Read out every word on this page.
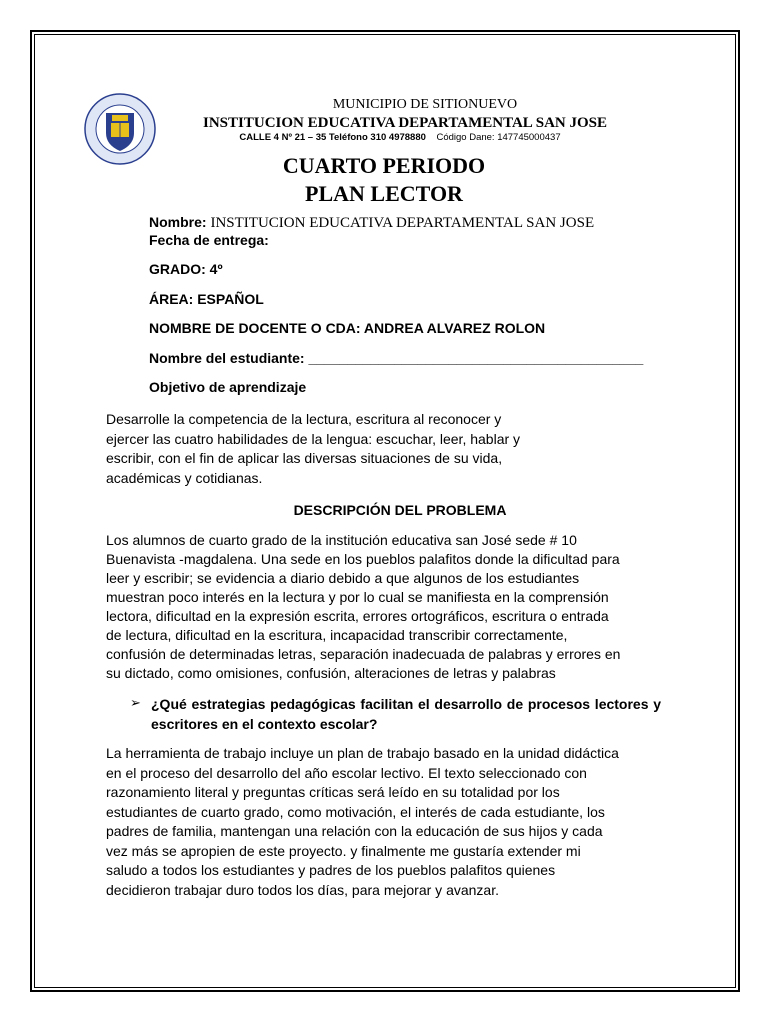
MUNICIPIO DE SITIONUEVO
INSTITUCION EDUCATIVA DEPARTAMENTAL SAN JOSE
CALLE 4 Nº 21 – 35 Teléfono 310 4978880 Código Dane: 147745000437
CUARTO PERIODO
PLAN LECTOR
Nombre: INSTITUCION EDUCATIVA DEPARTAMENTAL SAN JOSE
Fecha de entrega:
GRADO: 4º
ÁREA: ESPAÑOL
NOMBRE DE DOCENTE O CDA: ANDREA ALVAREZ ROLON
Nombre del estudiante: ___________________________________________
Objetivo de aprendizaje
Desarrolle la competencia de la lectura, escritura al reconocer y
ejercer las cuatro habilidades de la lengua: escuchar, leer, hablar y
escribir, con el fin de aplicar las diversas situaciones de su vida,
académicas y cotidianas.
DESCRIPCIÓN DEL PROBLEMA
Los alumnos de cuarto grado de la institución educativa san José sede # 10
Buenavista -magdalena. Una sede en los pueblos palafitos donde la dificultad para
leer y escribir; se evidencia a diario debido a que algunos de los estudiantes
muestran poco interés en la lectura y por lo cual se manifiesta en la comprensión
lectora, dificultad en la expresión escrita, errores ortográficos, escritura o entrada
de lectura, dificultad en la escritura, incapacidad transcribir correctamente,
confusión de determinadas letras, separación inadecuada de palabras y errores en
su dictado, como omisiones, confusión, alteraciones de letras y palabras
➢ ¿Qué estrategias pedagógicas facilitan el desarrollo de procesos lectores y escritores en el contexto escolar?
La herramienta de trabajo incluye un plan de trabajo basado en la unidad didáctica
en el proceso del desarrollo del año escolar lectivo. El texto seleccionado con
razonamiento literal y preguntas críticas será leído en su totalidad por los
estudiantes de cuarto grado, como motivación, el interés de cada estudiante, los
padres de familia, mantengan una relación con la educación de sus hijos y cada
vez más se apropien de este proyecto. y finalmente me gustaría extender mi
saludo a todos los estudiantes y padres de los pueblos palafitos quienes
decidieron trabajar duro todos los días, para mejorar y avanzar.
